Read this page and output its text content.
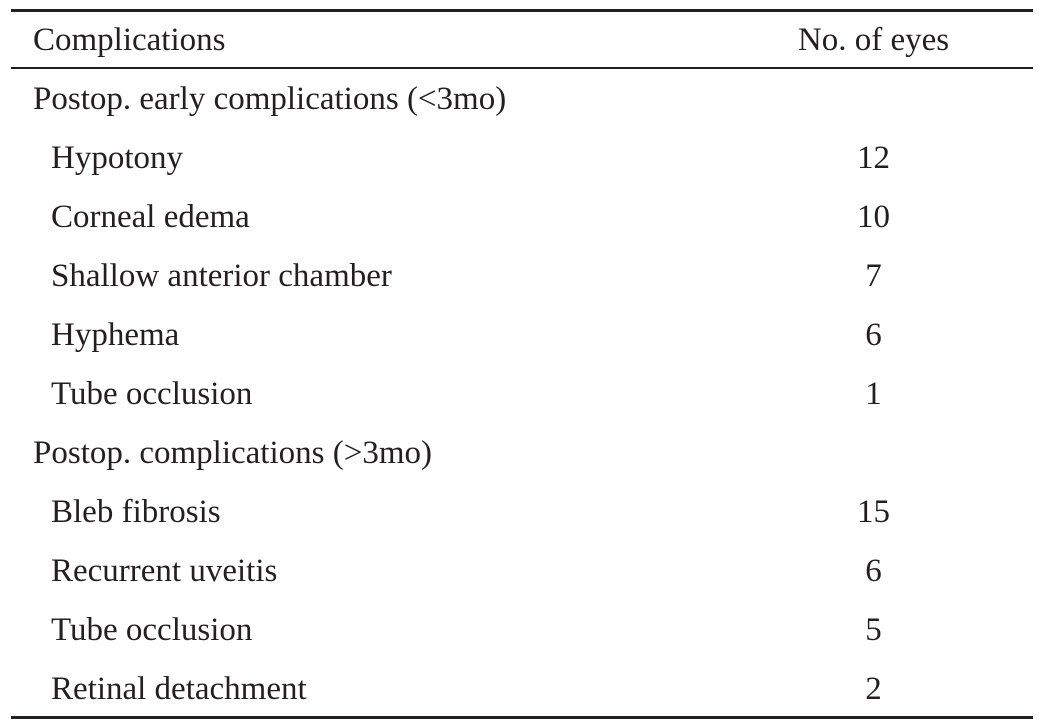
Complications	No. of eyes
Postop. early complications (<3mo)
Hypotony	12
Corneal edema	10
Shallow anterior chamber	7
Hyphema	6
Tube occlusion	1
Postop. complications (>3mo)
Bleb fibrosis	15
Recurrent uveitis	6
Tube occlusion	5
Retinal detachment	2
